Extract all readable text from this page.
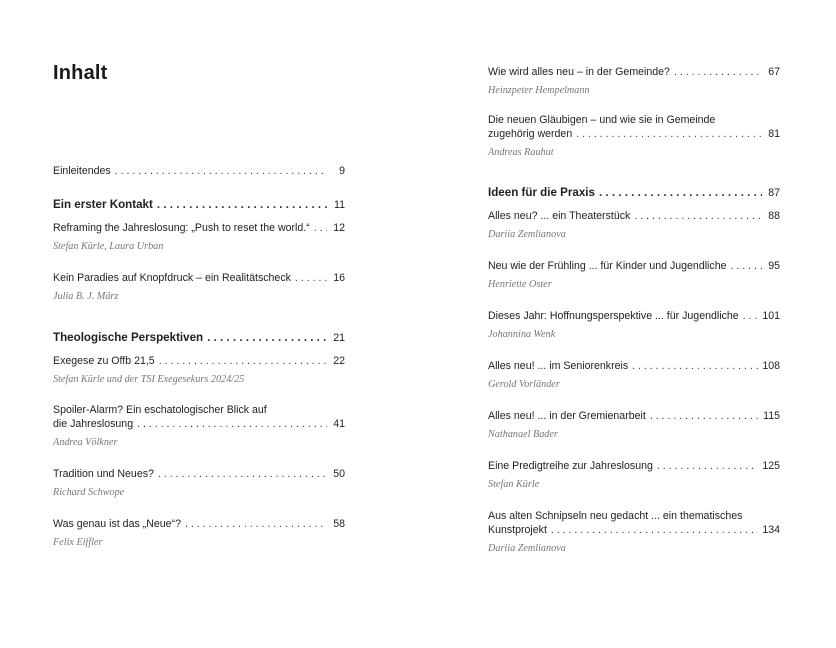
Inhalt
Einleitendes . . .	9
Ein erster Kontakt . . .	11
Reframing the Jahreslosung: „Push to reset the world.“ . . . 12
Stefan Kürle, Laura Urban
Kein Paradies auf Knopfdruck – ein Realitätscheck . . .	16
Julia B. J. März
Theologische Perspektiven . . .	21
Exegese zu Offb 21,5 . . .	22
Stefan Kürle und der TSI Exegesekurs 2024/25
Spoiler-Alarm? Ein eschatologischer Blick auf
die Jahreslosung . . .	41
Andrea Völkner
Tradition und Neues? . . .	50
Richard Schwope
Was genau ist das „Neue“? . . .	58
Felix Eiffler
Wie wird alles neu – in der Gemeinde? . . .	67
Heinzpeter Hempelmann
Die neuen Gläubigen – und wie sie in Gemeinde
zugehörig werden . . .	81
Andreas Rauhut
Ideen für die Praxis . . .	87
Alles neu? ... ein Theaterstück . . .	88
Dariia Zemlianova
Neu wie der Frühling ... für Kinder und Jugendliche . . .	95
Henriette Oster
Dieses Jahr: Hoffnungsperspektive ... für Jugendliche . . . 101
Johannina Wenk
Alles neu! ... im Seniorenkreis . . .	108
Gerold Vorländer
Alles neu! ... in der Gremienarbeit . . .	115
Nathanael Bader
Eine Predigtreihe zur Jahreslosung . . .	125
Stefan Kürle
Aus alten Schnipseln neu gedacht ... ein thematisches
Kunstprojekt . . .	134
Dariia Zemlianova
